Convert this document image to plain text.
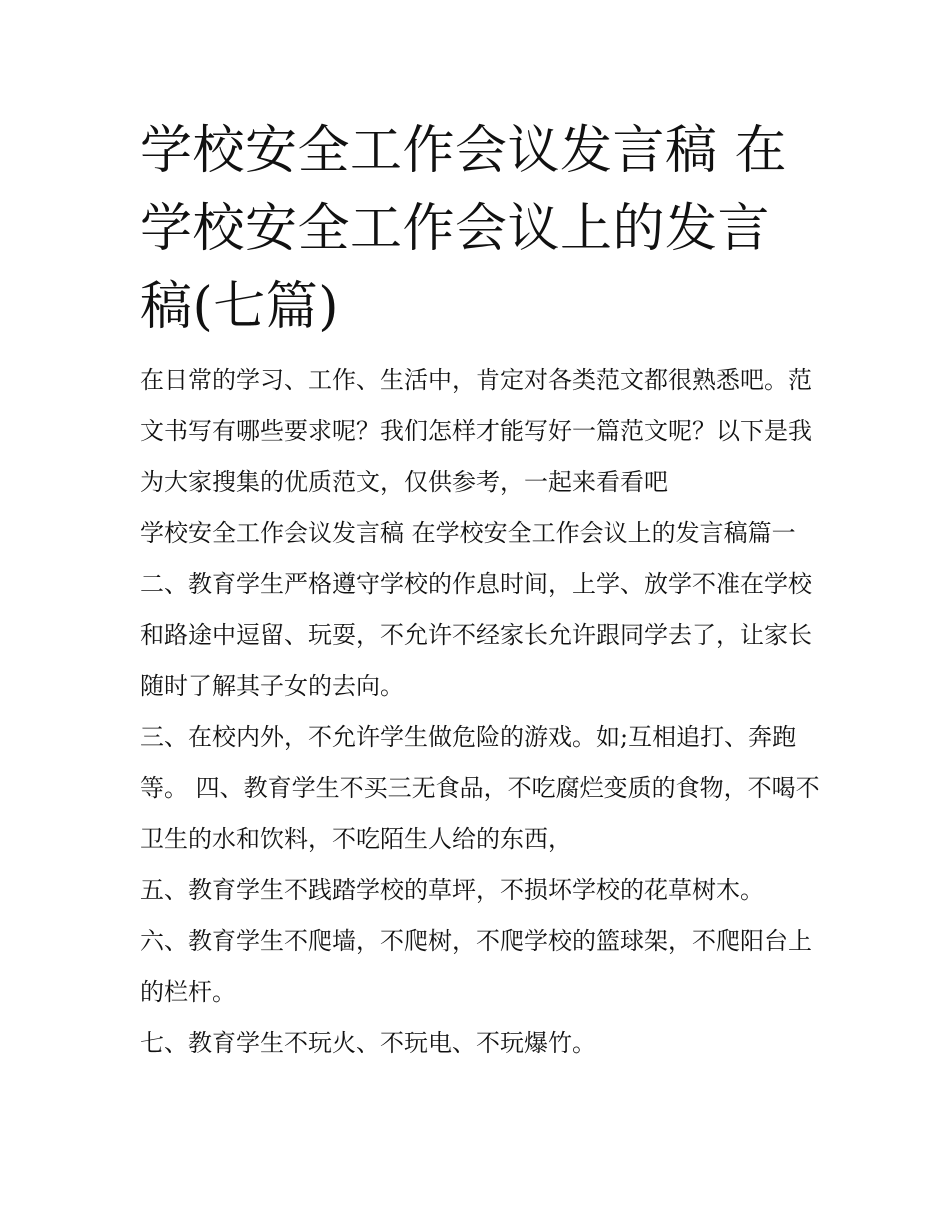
学校安全工作会议发言稿 在学校安全工作会议上的发言稿(七篇)

在日常的学习、工作、生活中，肯定对各类范文都很熟悉吧。范文书写有哪些要求呢？我们怎样才能写好一篇范文呢？以下是我为大家搜集的优质范文，仅供参考，一起来看看吧

学校安全工作会议发言稿 在学校安全工作会议上的发言稿篇一

二、教育学生严格遵守学校的作息时间，上学、放学不准在学校和路途中逗留、玩耍，不允许不经家长允许跟同学去了，让家长随时了解其子女的去向。

三、在校内外，不允许学生做危险的游戏。如;互相追打、奔跑等。 四、教育学生不买三无食品，不吃腐烂变质的食物，不喝不卫生的水和饮料，不吃陌生人给的东西，

五、教育学生不践踏学校的草坪，不损坏学校的花草树木。

六、教育学生不爬墙，不爬树，不爬学校的篮球架，不爬阳台上的栏杆。

七、教育学生不玩火、不玩电、不玩爆竹。
